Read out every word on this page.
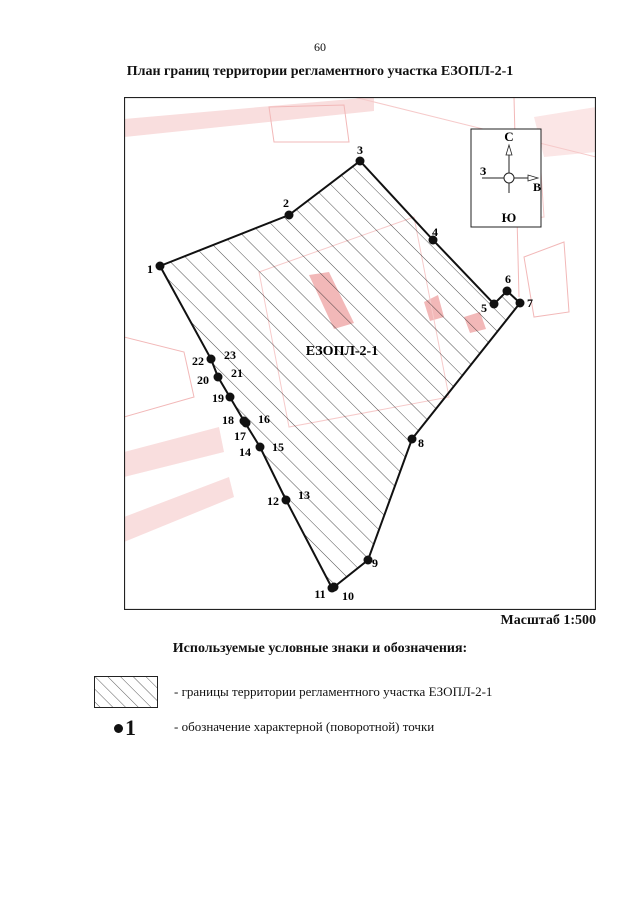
60
План границ территории регламентного участка ЕЗОПЛ-2-1
С
Ю
В
З
ЕЗОПЛ-2-1
1
2
3
4
5
6
7
8
9
10
11
12 13
14 15
16
17
18
19
20 21
22 23
Масштаб 1:500
Используемые условные знаки и обозначения:
- границы территории регламентного участка ЕЗОПЛ-2-1
1	- обозначение характерной (поворотной) точки
